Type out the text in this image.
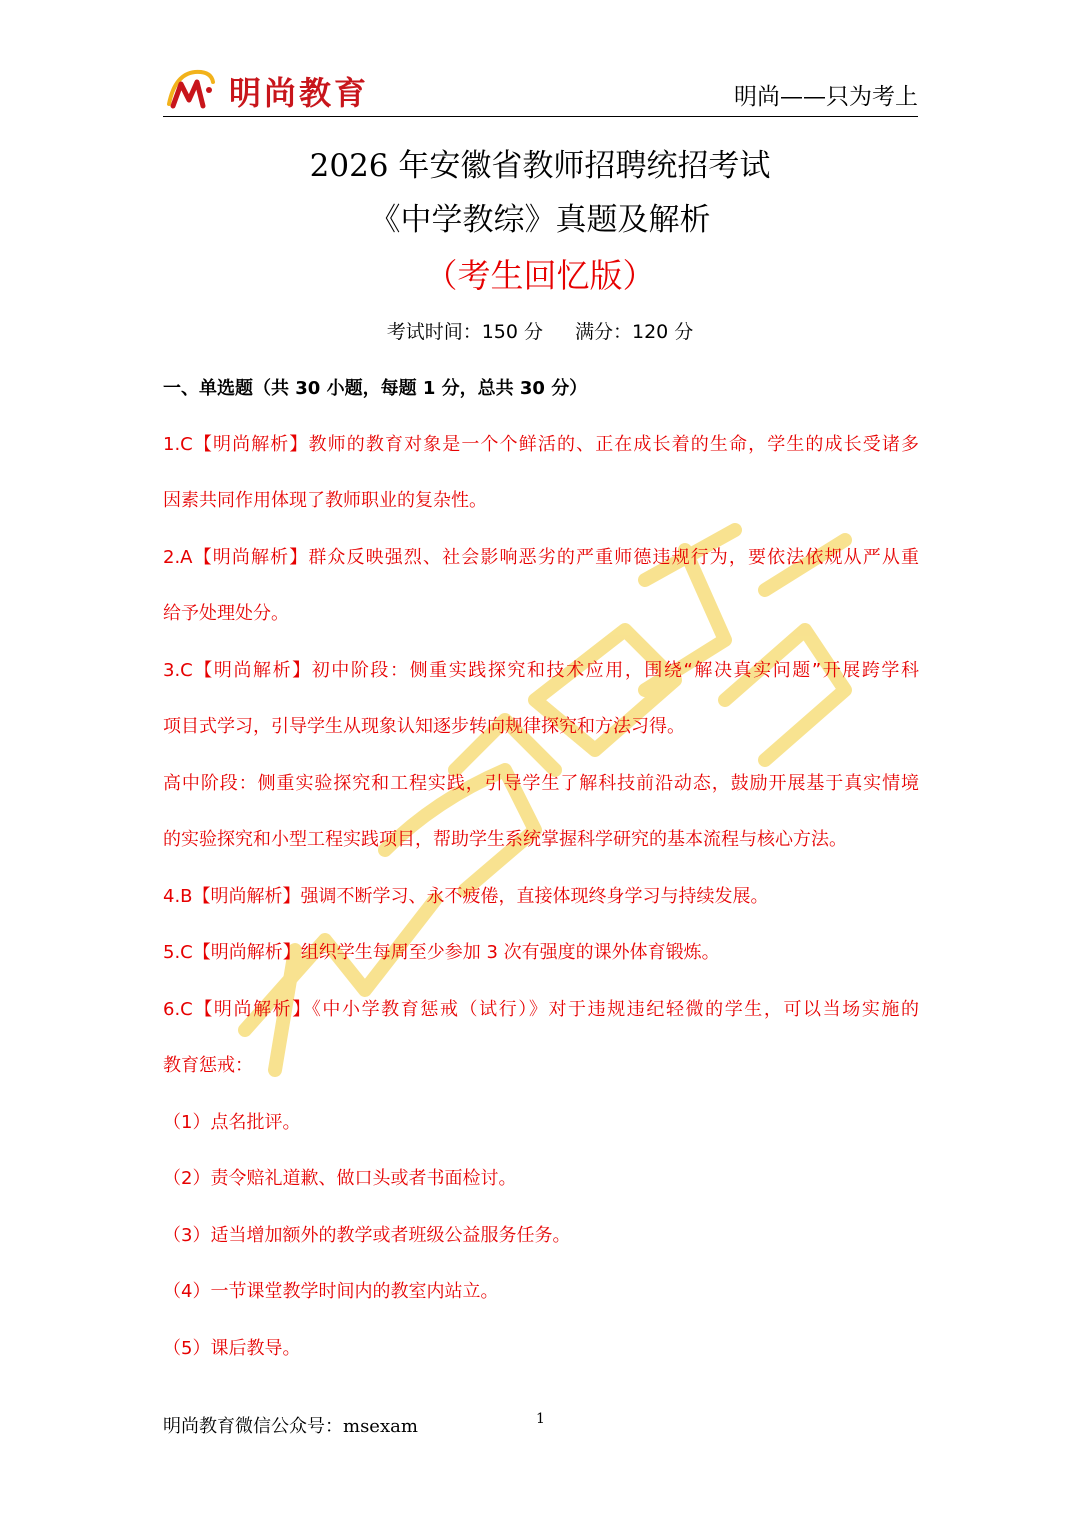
明尚教育	明尚——只为考上
2026 年安徽省教师招聘统招考试
《中学教综》真题及解析
（考生回忆版）
考试时间：150 分 满分：120 分
一、单选题（共 30 小题，每题 1 分，总共 30 分）
1.C【明尚解析】教师的教育对象是一个个鲜活的、正在成长着的生命，学生的成长受诸多
因素共同作用体现了教师职业的复杂性。
2.A【明尚解析】群众反映强烈、社会影响恶劣的严重师德违规行为，要依法依规从严从重
给予处理处分。
3.C【明尚解析】初中阶段：侧重实践探究和技术应用，围绕“解决真实问题”开展跨学科
项目式学习，引导学生从现象认知逐步转向规律探究和方法习得。
高中阶段：侧重实验探究和工程实践，引导学生了解科技前沿动态，鼓励开展基于真实情境
的实验探究和小型工程实践项目，帮助学生系统掌握科学研究的基本流程与核心方法。
4.B【明尚解析】强调不断学习、永不疲倦，直接体现终身学习与持续发展。
5.C【明尚解析】组织学生每周至少参加 3 次有强度的课外体育锻炼。
6.C【明尚解析】《中小学教育惩戒（试行）》对于违规违纪轻微的学生，可以当场实施的
教育惩戒：
（1）点名批评。
（2）责令赔礼道歉、做口头或者书面检讨。
（3）适当增加额外的教学或者班级公益服务任务。
（4）一节课堂教学时间内的教室内站立。
（5）课后教导。
明尚教育微信公众号：msexam	1
